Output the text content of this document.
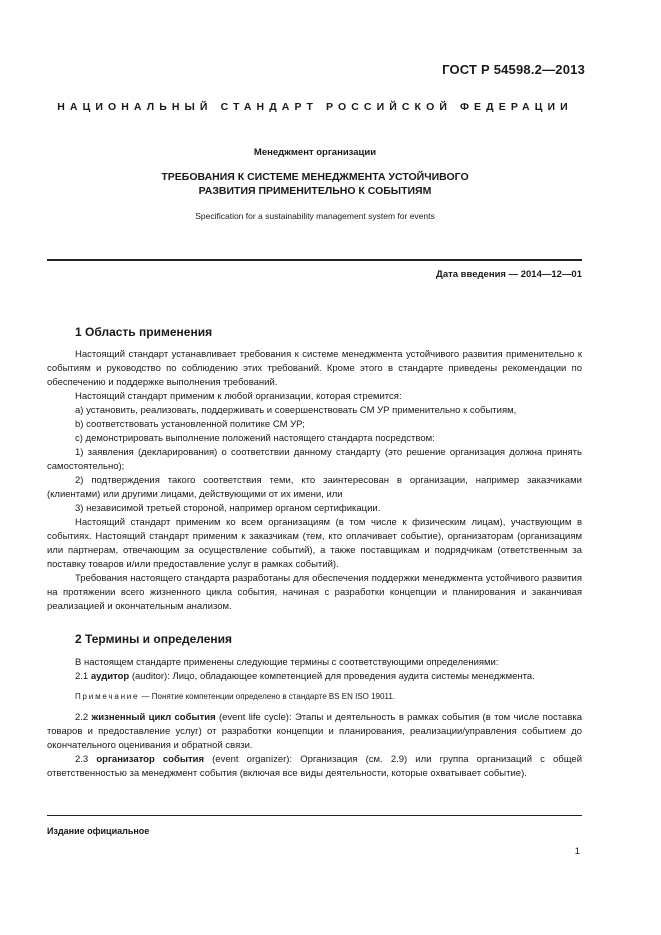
ГОСТ Р 54598.2—2013
НАЦИОНАЛЬНЫЙ СТАНДАРТ РОССИЙСКОЙ ФЕДЕРАЦИИ
Менеджмент организации
ТРЕБОВАНИЯ К СИСТЕМЕ МЕНЕДЖМЕНТА УСТОЙЧИВОГО
РАЗВИТИЯ ПРИМЕНИТЕЛЬНО К СОБЫТИЯМ
Specification for a sustainability management system for events
Дата введения — 2014—12—01
1 Область применения

Настоящий стандарт устанавливает требования к системе менеджмента устойчивого развития применительно к событиям и руководство по соблюдению этих требований. Кроме этого в стандарте приведены рекомендации по обеспечению и поддержке выполнения требований.

Настоящий стандарт применим к любой организации, которая стремится:

a) установить, реализовать, поддерживать и совершенствовать СМ УР применительно к событиям,

b) соответствовать установленной политике СМ УР;

c) демонстрировать выполнение положений настоящего стандарта посредством:

1) заявления (декларирования) о соответствии данному стандарту (это решение организация должна принять самостоятельно);

2) подтверждения такого соответствия теми, кто заинтересован в организации, например заказчиками (клиентами) или другими лицами, действующими от их имени, или

3) независимой третьей стороной, например органом сертификации.

Настоящий стандарт применим ко всем организациям (в том числе к физическим лицам), участвующим в событиях. Настоящий стандарт применим к заказчикам (тем, кто оплачивает событие), организаторам (организациям или партнерам, отвечающим за осуществление событий), а также поставщикам и подрядчикам (ответственным за поставку товаров и/или предоставление услуг в рамках событий).

Требования настоящего стандарта разработаны для обеспечения поддержки менеджмента устойчивого развития на протяжении всего жизненного цикла события, начиная с разработки концепции и планирования и заканчивая реализацией и окончательным анализом.

2 Термины и определения

В настоящем стандарте применены следующие термины с соответствующими определениями:

2.1 аудитор (auditor): Лицо, обладающее компетенцией для проведения аудита системы менеджмента.

Примечание — Понятие компетенции определено в стандарте BS EN ISO 19011.

2.2 жизненный цикл события (event life cycle): Этапы и деятельность в рамках события (в том числе поставка товаров и предоставление услуг) от разработки концепции и планирования, реализации/управления событием до окончательного оценивания и обратной связи.

2.3 организатор события (event organizer): Организация (см. 2.9) или группа организаций с общей ответственностью за менеджмент события (включая все виды деятельности, которые охватывает событие).

Издание официальное
1
